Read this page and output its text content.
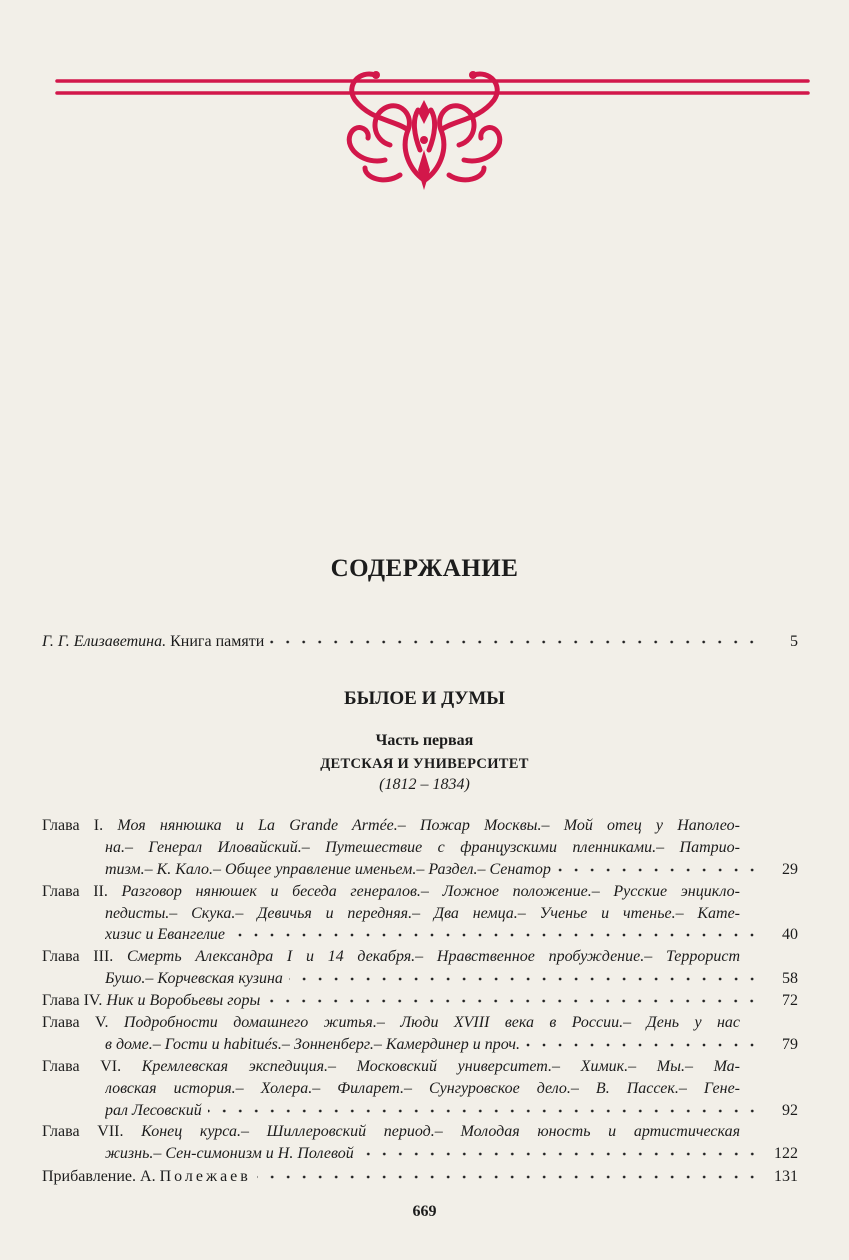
СОДЕРЖАНИЕ
Г. Г. Елизаветина. Книга памяти	5
БЫЛОЕ И ДУМЫ
Часть первая
ДЕТСКАЯ И УНИВЕРСИТЕТ
(1812 – 1834)
Глава I. Моя нянюшка и La Grande Armée.– Пожар Москвы.– Мой отец у Наполео-
на.– Генерал Иловайский.– Путешествие с французскими пленниками.– Патрио-
тизм.– К. Кало.– Общее управление именьем.– Раздел.– Сенатор	29
Глава II. Разговор нянюшек и беседа генералов.– Ложное положение.– Русские энцикло-
педисты.– Скука.– Девичья и передняя.– Два немца.– Ученье и чтенье.– Кате-
хизис и Евангелие	40
Глава III. Смерть Александра I и 14 декабря.– Нравственное пробуждение.– Террорист
Бушо.– Корчевская кузина	58
Глава IV. Ник и Воробьевы горы	72
Глава V. Подробности домашнего житья.– Люди XVIII века в России.– День у нас
в доме.– Гости и habitués.– Зонненберг.– Камердинер и проч.	79
Глава VI. Кремлевская экспедиция.– Московский университет.– Химик.– Мы.– Ма-
ловская история.– Холера.– Филарет.– Сунгуровское дело.– В. Пассек.– Гене-
рал Лесовский	92
Глава VII. Конец курса.– Шиллеровский период.– Молодая юность и артистическая
жизнь.– Сен-симонизм и Н. Полевой	122
Прибавление. А. Полежаев	131
669
